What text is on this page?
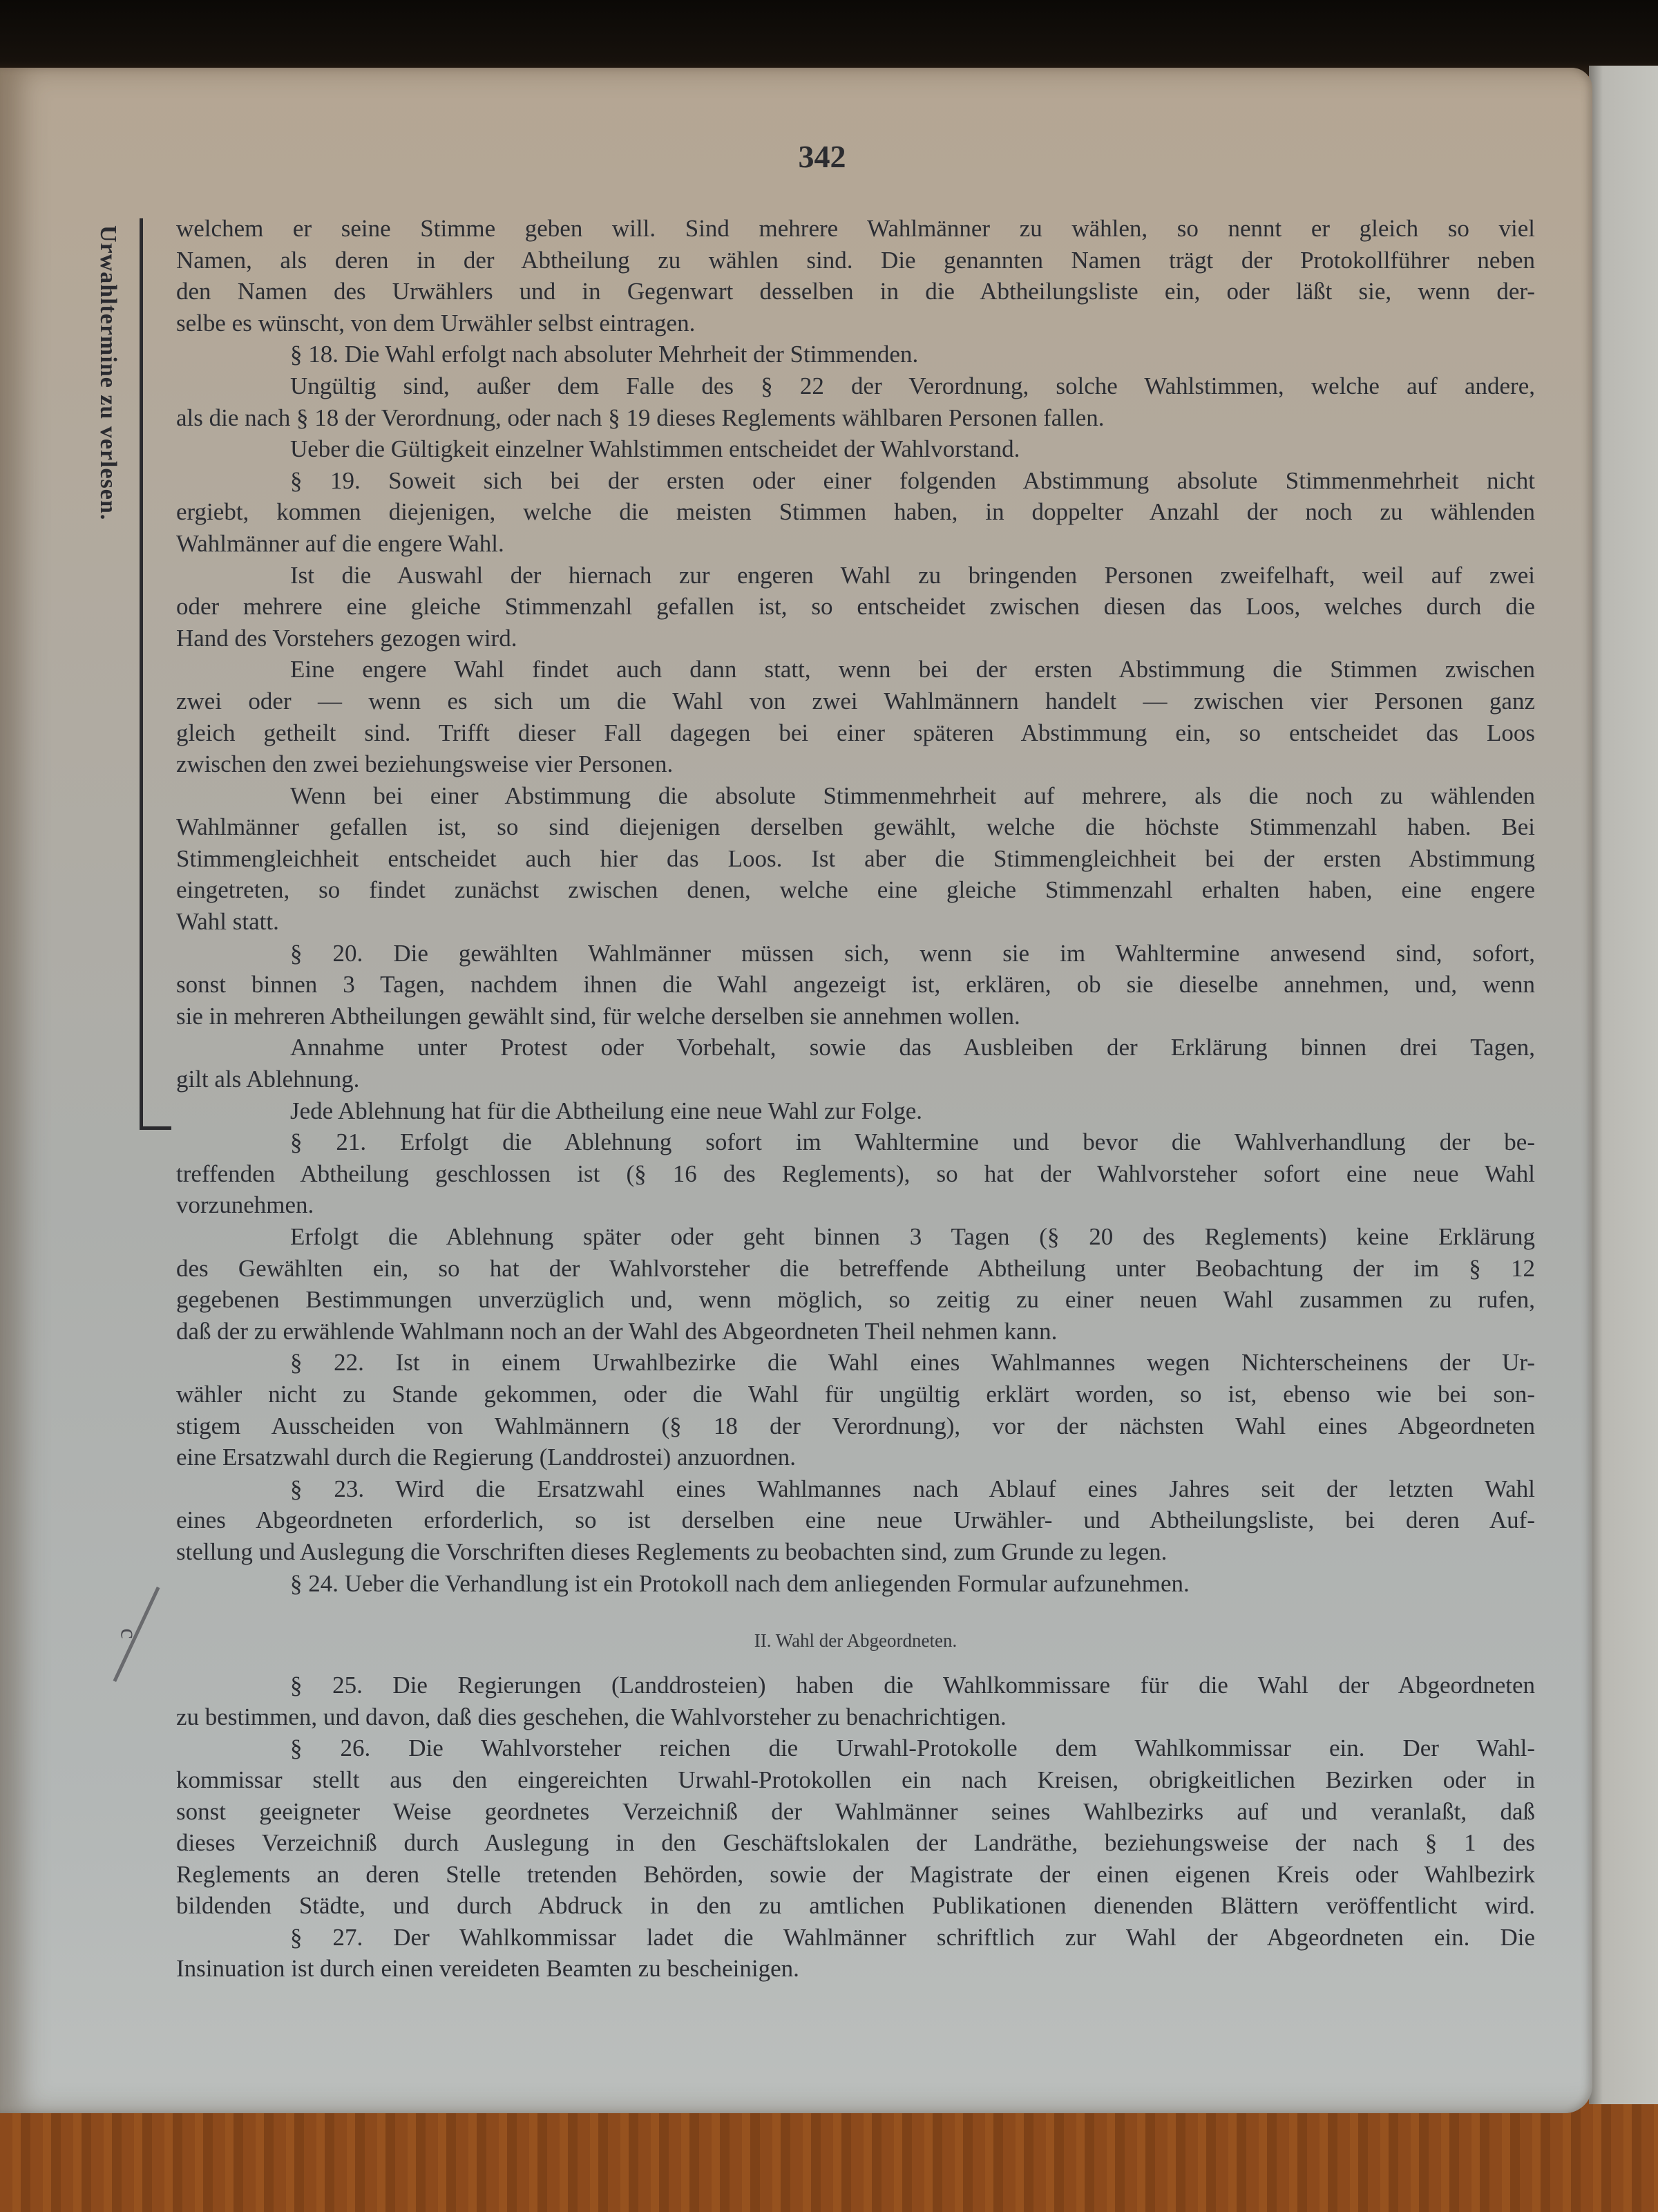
342
Urwahltermine zu verlesen.
c
welchem er seine Stimme geben will. Sind mehrere Wahlmänner zu wählen, so nennt er gleich so viel
Namen, als deren in der Abtheilung zu wählen sind. Die genannten Namen trägt der Protokollführer neben
den Namen des Urwählers und in Gegenwart desselben in die Abtheilungsliste ein, oder läßt sie, wenn der-
selbe es wünscht, von dem Urwähler selbst eintragen.
§ 18. Die Wahl erfolgt nach absoluter Mehrheit der Stimmenden.
Ungültig sind, außer dem Falle des § 22 der Verordnung, solche Wahlstimmen, welche auf andere,
als die nach § 18 der Verordnung, oder nach § 19 dieses Reglements wählbaren Personen fallen.
Ueber die Gültigkeit einzelner Wahlstimmen entscheidet der Wahlvorstand.
§ 19. Soweit sich bei der ersten oder einer folgenden Abstimmung absolute Stimmenmehrheit nicht
ergiebt, kommen diejenigen, welche die meisten Stimmen haben, in doppelter Anzahl der noch zu wählenden
Wahlmänner auf die engere Wahl.
Ist die Auswahl der hiernach zur engeren Wahl zu bringenden Personen zweifelhaft, weil auf zwei
oder mehrere eine gleiche Stimmenzahl gefallen ist, so entscheidet zwischen diesen das Loos, welches durch die
Hand des Vorstehers gezogen wird.
Eine engere Wahl findet auch dann statt, wenn bei der ersten Abstimmung die Stimmen zwischen
zwei oder — wenn es sich um die Wahl von zwei Wahlmännern handelt — zwischen vier Personen ganz
gleich getheilt sind. Trifft dieser Fall dagegen bei einer späteren Abstimmung ein, so entscheidet das Loos
zwischen den zwei beziehungsweise vier Personen.
Wenn bei einer Abstimmung die absolute Stimmenmehrheit auf mehrere, als die noch zu wählenden
Wahlmänner gefallen ist, so sind diejenigen derselben gewählt, welche die höchste Stimmenzahl haben. Bei
Stimmengleichheit entscheidet auch hier das Loos. Ist aber die Stimmengleichheit bei der ersten Abstimmung
eingetreten, so findet zunächst zwischen denen, welche eine gleiche Stimmenzahl erhalten haben, eine engere
Wahl statt.
§ 20. Die gewählten Wahlmänner müssen sich, wenn sie im Wahltermine anwesend sind, sofort,
sonst binnen 3 Tagen, nachdem ihnen die Wahl angezeigt ist, erklären, ob sie dieselbe annehmen, und, wenn
sie in mehreren Abtheilungen gewählt sind, für welche derselben sie annehmen wollen.
Annahme unter Protest oder Vorbehalt, sowie das Ausbleiben der Erklärung binnen drei Tagen,
gilt als Ablehnung.
Jede Ablehnung hat für die Abtheilung eine neue Wahl zur Folge.
§ 21. Erfolgt die Ablehnung sofort im Wahltermine und bevor die Wahlverhandlung der be-
treffenden Abtheilung geschlossen ist (§ 16 des Reglements), so hat der Wahlvorsteher sofort eine neue Wahl
vorzunehmen.
Erfolgt die Ablehnung später oder geht binnen 3 Tagen (§ 20 des Reglements) keine Erklärung
des Gewählten ein, so hat der Wahlvorsteher die betreffende Abtheilung unter Beobachtung der im § 12
gegebenen Bestimmungen unverzüglich und, wenn möglich, so zeitig zu einer neuen Wahl zusammen zu rufen,
daß der zu erwählende Wahlmann noch an der Wahl des Abgeordneten Theil nehmen kann.
§ 22. Ist in einem Urwahlbezirke die Wahl eines Wahlmannes wegen Nichterscheinens der Ur-
wähler nicht zu Stande gekommen, oder die Wahl für ungültig erklärt worden, so ist, ebenso wie bei son-
stigem Ausscheiden von Wahlmännern (§ 18 der Verordnung), vor der nächsten Wahl eines Abgeordneten
eine Ersatzwahl durch die Regierung (Landdrostei) anzuordnen.
§ 23. Wird die Ersatzwahl eines Wahlmannes nach Ablauf eines Jahres seit der letzten Wahl
eines Abgeordneten erforderlich, so ist derselben eine neue Urwähler- und Abtheilungsliste, bei deren Auf-
stellung und Auslegung die Vorschriften dieses Reglements zu beobachten sind, zum Grunde zu legen.
§ 24. Ueber die Verhandlung ist ein Protokoll nach dem anliegenden Formular aufzunehmen.
II. Wahl der Abgeordneten.
§ 25. Die Regierungen (Landdrosteien) haben die Wahlkommissare für die Wahl der Abgeordneten
zu bestimmen, und davon, daß dies geschehen, die Wahlvorsteher zu benachrichtigen.
§ 26. Die Wahlvorsteher reichen die Urwahl-Protokolle dem Wahlkommissar ein. Der Wahl-
kommissar stellt aus den eingereichten Urwahl-Protokollen ein nach Kreisen, obrigkeitlichen Bezirken oder in
sonst geeigneter Weise geordnetes Verzeichniß der Wahlmänner seines Wahlbezirks auf und veranlaßt, daß
dieses Verzeichniß durch Auslegung in den Geschäftslokalen der Landräthe, beziehungsweise der nach § 1 des
Reglements an deren Stelle tretenden Behörden, sowie der Magistrate der einen eigenen Kreis oder Wahlbezirk
bildenden Städte, und durch Abdruck in den zu amtlichen Publikationen dienenden Blättern veröffentlicht wird.
§ 27. Der Wahlkommissar ladet die Wahlmänner schriftlich zur Wahl der Abgeordneten ein. Die
Insinuation ist durch einen vereideten Beamten zu bescheinigen.
